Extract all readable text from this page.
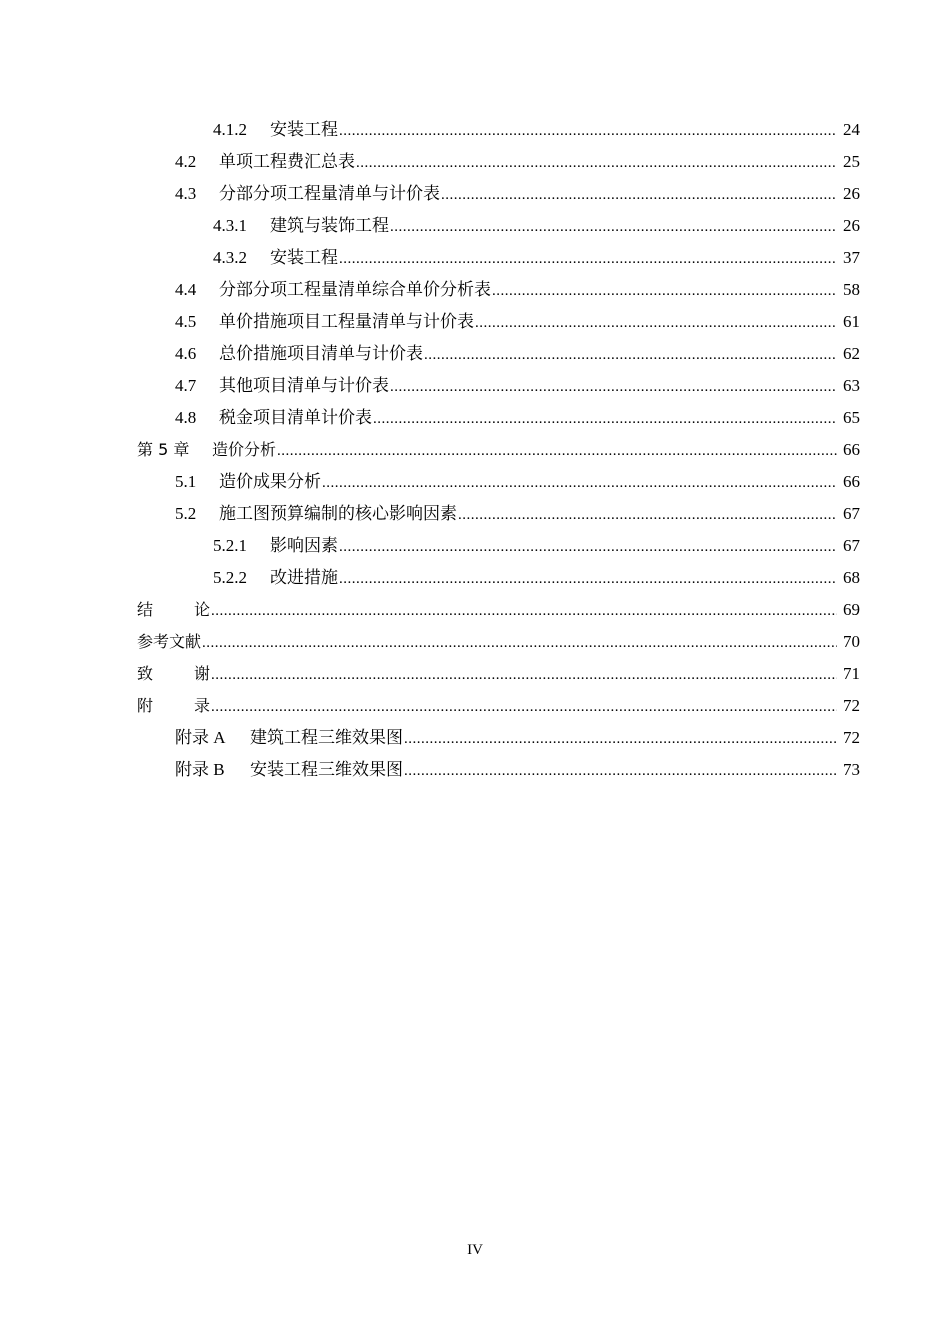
4.1.2	安装工程 .....	24
4.2	单项工程费汇总表 .....	25
4.3	分部分项工程量清单与计价表 .....	26
4.3.1	建筑与装饰工程 .....	26
4.3.2	安装工程 .....	37
4.4	分部分项工程量清单综合单价分析表 .....	58
4.5	单价措施项目工程量清单与计价表 .....	61
4.6	总价措施项目清单与计价表 .....	62
4.7	其他项目清单与计价表 .....	63
4.8	税金项目清单计价表 .....	65
第 5 章	造价分析 .....	66
5.1	造价成果分析 .....	66
5.2	施工图预算编制的核心影响因素 .....	67
5.2.1	影响因素 .....	67
5.2.2	改进措施 .....	68
结	论 .....	69
参考文献 .....	70
致	谢 .....	71
附	录 .....	72
附录 A	建筑工程三维效果图 .....	72
附录 B	安装工程三维效果图 .....	73
IV
